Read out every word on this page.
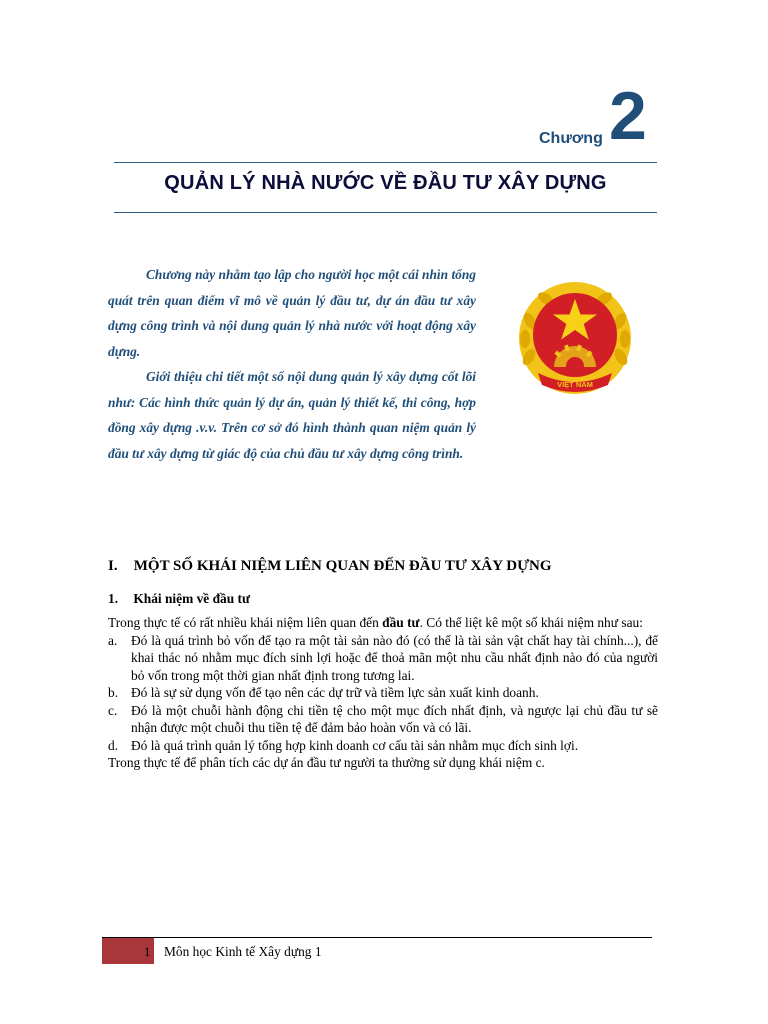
Chương 2
QUẢN LÝ NHÀ NƯỚC VỀ ĐẦU TƯ XÂY DỰNG

Chương này nhằm tạo lập cho người học một cái nhìn tổng quát trên quan điểm vĩ mô về quản lý đầu tư, dự án đầu tư xây dựng công trình và nội dung quản lý nhà nước với hoạt động xây dựng.

Giới thiệu chi tiết một số nội dung quản lý xây dựng cốt lõi như: Các hình thức quản lý dự án, quản lý thiết kế, thi công, hợp đồng xây dựng .v.v. Trên cơ sở đó hình thành quan niệm quản lý đầu tư xây dựng từ giác độ của chủ đầu tư xây dựng công trình.

VIỆT NAM
I. MỘT SỐ KHÁI NIỆM LIÊN QUAN ĐẾN ĐẦU TƯ XÂY DỰNG
1. Khái niệm về đầu tư

Trong thực tế có rất nhiều khái niệm liên quan đến đầu tư. Có thể liệt kê một số khái niệm như sau:

a.	Đó là quá trình bỏ vốn để tạo ra một tài sản nào đó (có thể là tài sản vật chất hay tài chính...), để khai thác nó nhằm mục đích sinh lợi hoặc để thoả mãn một nhu cầu nhất định nào đó của người bỏ vốn trong một thời gian nhất định trong tương lai.
b. Đó là sự sử dụng vốn để tạo nên các dự trữ và tiềm lực sản xuất kinh doanh.
c.	Đó là một chuỗi hành động chi tiền tệ cho một mục đích nhất định, và ngược lại chủ đầu tư sẽ nhận được một chuỗi thu tiền tệ để đảm bảo hoàn vốn và có lãi.
d. Đó là quá trình quản lý tổng hợp kinh doanh cơ cấu tài sản nhằm mục đích sinh lợi.

Trong thực tế để phân tích các dự án đầu tư người ta thường sử dụng khái niệm c.

1 Môn học Kinh tế Xây dựng 1
